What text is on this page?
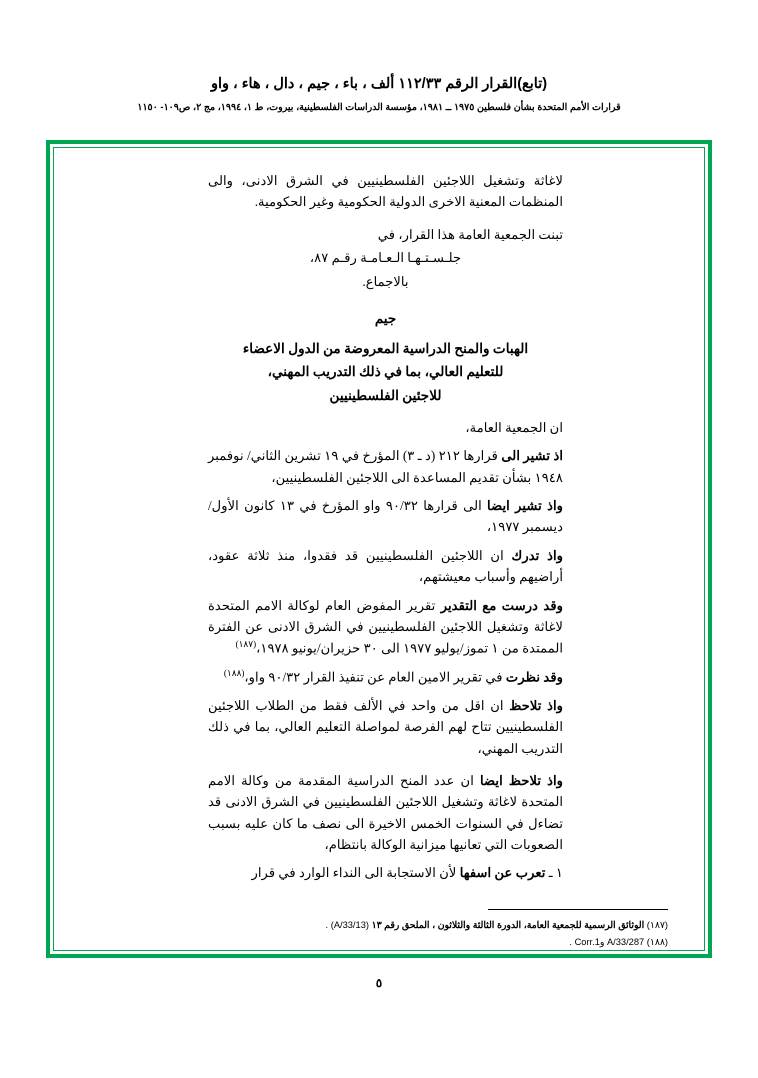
(تابع)القرار الرقم ١١٢/٣٣ ألف ، باء ، جيم ، دال ، هاء ، واو
قرارات الأمم المتحدة بشأن فلسطين ١٩٧٥ ــ ١٩٨١، مؤسسة الدراسات الفلسطينية، بيروت، ط ١، ١٩٩٤، مج ٢، ص١٠٩- ١١٥٠

لاغاثة وتشغيل اللاجئين الفلسطينيين في الشرق الادنى، والى المنظمات المعنية الاخرى الدولية الحكومية وغير الحكومية.

تبنت الجمعية العامة هذا القرار، في

جلـسـتـهـا الـعـامـة رقـم ٨٧،

بالاجماع.

جيم

الهبات والمنح الدراسية المعروضة من الدول الاعضاء
للتعليم العالي، بما في ذلك التدريب المهني،
للاجئين الفلسطينيين

ان الجمعية العامة،

اذ تشير الى قرارها ٢١٢ (د ـ ٣) المؤرخ في ١٩ تشرين الثاني/ نوفمبر ١٩٤٨ بشأن تقديم المساعدة الى اللاجئين الفلسطينيين،

واذ تشير ايضا الى قرارها ٩٠/٣٢ واو المؤرخ في ١٣ كانون الأول/ ديسمبر ١٩٧٧،

واذ تدرك ان اللاجئين الفلسطينيين قد فقدوا، منذ ثلاثة عقود، أراضيهم وأسباب معيشتهم،

وقد درست مع التقدير تقرير المفوض العام لوكالة الامم المتحدة لاغاثة وتشغيل اللاجئين الفلسطينيين في الشرق الادنى عن الفترة الممتدة من ١ تموز/يوليو ١٩٧٧ الى ٣٠ حزيران/يونيو ١٩٧٨،$^{(١٨٧)}$

وقد نظرت في تقرير الامين العام عن تنفيذ القرار ٩٠/٣٢ واو،$^{(١٨٨)}$

واذ تلاحظ ان اقل من واحد في الألف فقط من الطلاب اللاجئين الفلسطينيين تتاح لهم الفرصة لمواصلة التعليم العالي، بما في ذلك التدريب المهني،

واذ تلاحظ ايضا ان عدد المنح الدراسية المقدمة من وكالة الامم المتحدة لاغاثة وتشغيل اللاجئين الفلسطينيين في الشرق الادنى قد تضاءل في السنوات الخمس الاخيرة الى نصف ما كان عليه بسبب الصعوبات التي تعانيها ميزانية الوكالة بانتظام،

١ ـ تعرب عن اسفها لأن الاستجابة الى النداء الوارد في قرار

(١٨٧) الوثائق الرسمية للجمعية العامة، الدورة الثالثة والثلاثون ، الملحق رقم ١٣ (A/33/13) .
(١٨٨) A/33/287 وCorr.1 .
٥
